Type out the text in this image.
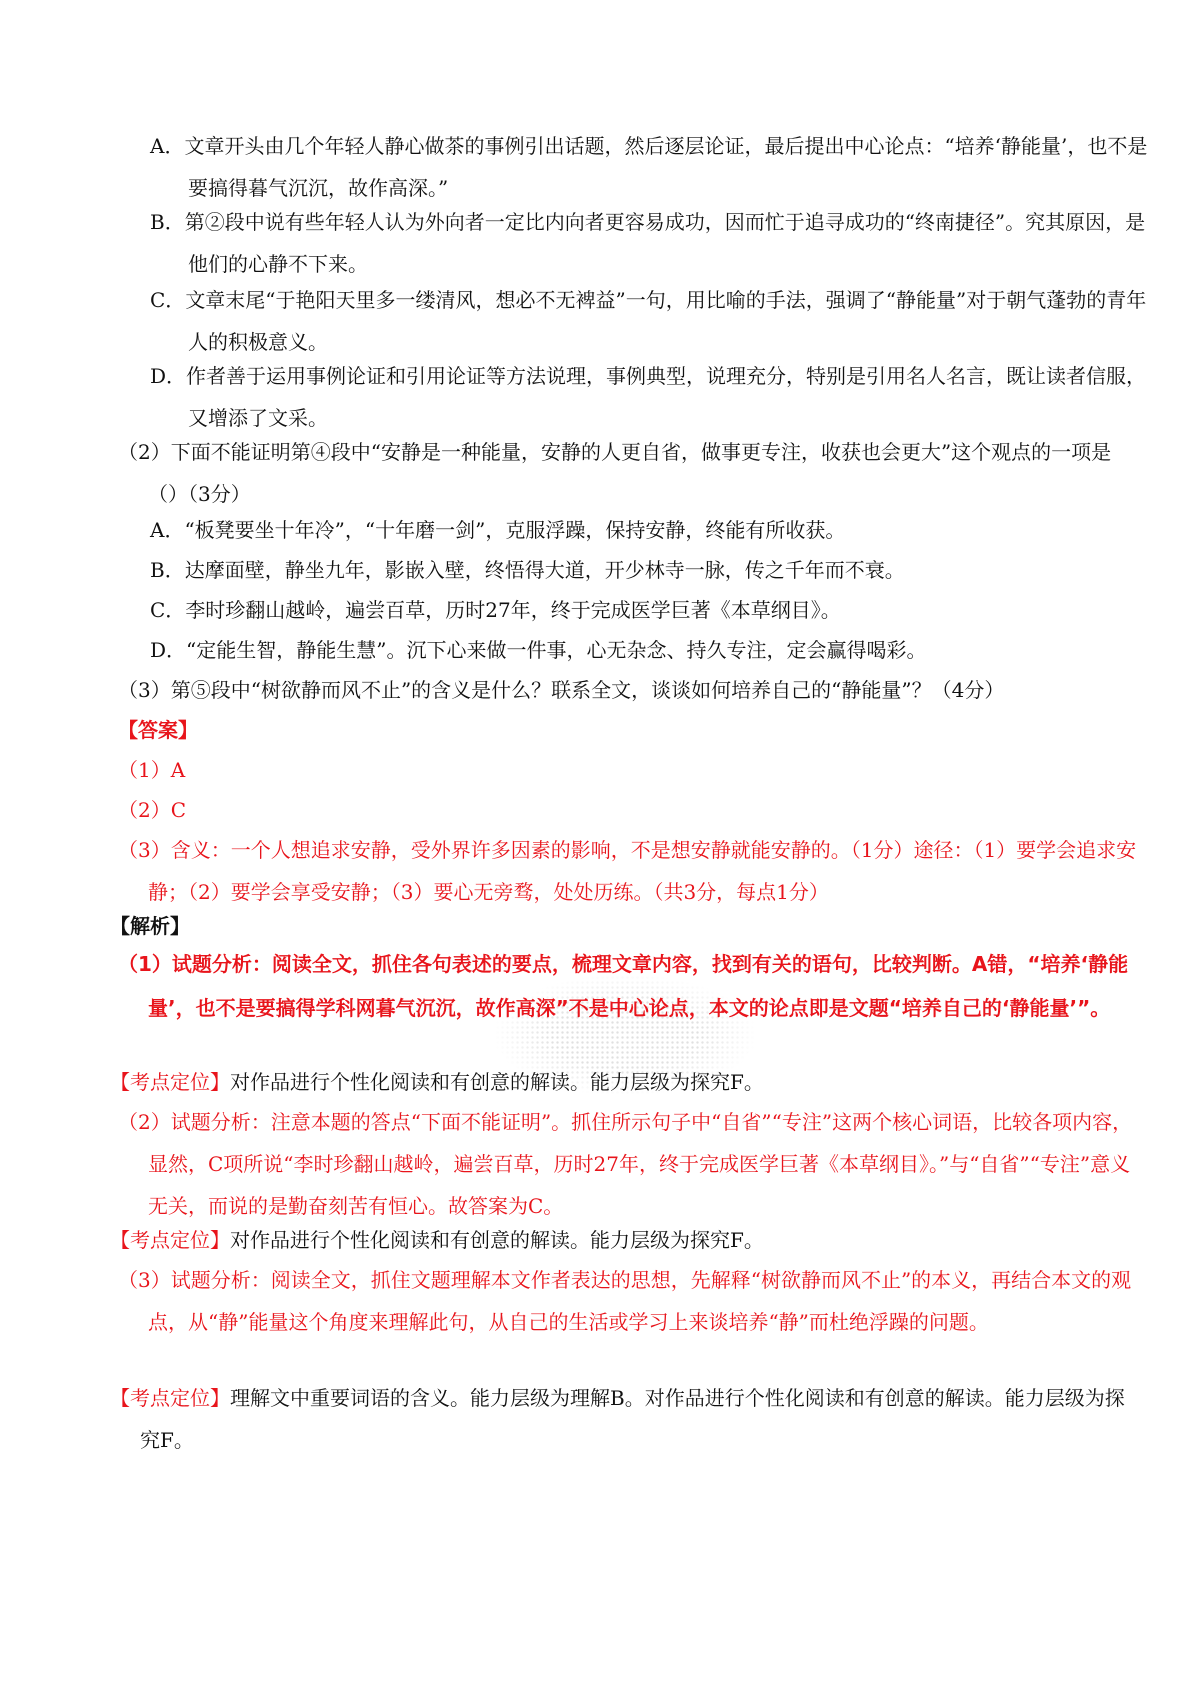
A．文章开头由几个年轻人静心做茶的事例引出话题，然后逐层论证，最后提出中心论点：“培养‘静能量’，也不是要搞得暮气沉沉，故作高深。”

B．第②段中说有些年轻人认为外向者一定比内向者更容易成功，因而忙于追寻成功的“终南捷径”。究其原因，是他们的心静不下来。

C．文章末尾“于艳阳天里多一缕清风，想必不无裨益”一句，用比喻的手法，强调了“静能量”对于朝气蓬勃的青年人的积极意义。

D．作者善于运用事例论证和引用论证等方法说理，事例典型，说理充分，特别是引用名人名言，既让读者信服，又增添了文采。

（2）下面不能证明第④段中“安静是一种能量，安静的人更自省，做事更专注，收获也会更大”这个观点的一项是（）（3分）

A．“板凳要坐十年冷”，“十年磨一剑”，克服浮躁，保持安静，终能有所收获。

B．达摩面壁，静坐九年，影嵌入壁，终悟得大道，开少林寺一脉，传之千年而不衰。

C．李时珍翻山越岭，遍尝百草，历时27年，终于完成医学巨著《本草纲目》。

D．“定能生智，静能生慧”。沉下心来做一件事，心无杂念、持久专注，定会赢得喝彩。

（3）第⑤段中“树欲静而风不止”的含义是什么？联系全文，谈谈如何培养自己的“静能量”？（4分）

【答案】

（1）A

（2）C

（3）含义：一个人想追求安静，受外界许多因素的影响，不是想安静就能安静的。（1分）途径：（1）要学会追求安静；（2）要学会享受安静；（3）要心无旁骛，处处历练。（共3分，每点1分）

【解析】

（1）试题分析：阅读全文，抓住各句表述的要点，梳理文章内容，找到有关的语句，比较判断。A错，“培养‘静能量’，也不是要搞得学科网暮气沉沉，故作高深”不是中心论点，本文的论点即是文题“培养自己的‘静能量’”。

【考点定位】对作品进行个性化阅读和有创意的解读。能力层级为探究F。

（2）试题分析：注意本题的答点“下面不能证明”。抓住所示句子中“自省”“专注”这两个核心词语，比较各项内容，显然，C项所说“李时珍翻山越岭，遍尝百草，历时27年，终于完成医学巨著《本草纲目》。”与“自省”“专注”意义无关，而说的是勤奋刻苦有恒心。故答案为C。

【考点定位】对作品进行个性化阅读和有创意的解读。能力层级为探究F。

（3）试题分析：阅读全文，抓住文题理解本文作者表达的思想，先解释“树欲静而风不止”的本义，再结合本文的观点，从“静”能量这个角度来理解此句，从自己的生活或学习上来谈培养“静”而杜绝浮躁的问题。

【考点定位】理解文中重要词语的含义。能力层级为理解B。对作品进行个性化阅读和有创意的解读。能力层级为探究F。
